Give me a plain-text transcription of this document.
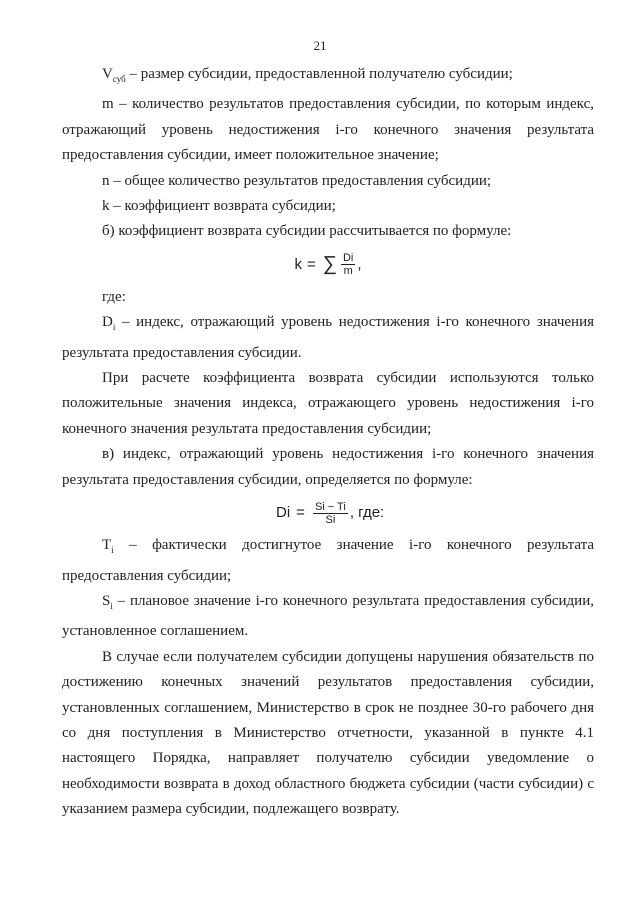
21

$V_{суб}$ – размер субсидии, предоставленной получателю субсидии;

m – количество результатов предоставления субсидии, по которым индекс, отражающий уровень недостижения i-го конечного значения результата предоставления субсидии, имеет положительное значение;

n – общее количество результатов предоставления субсидии;

k – коэффициент возврата субсидии;

б) коэффициент возврата субсидии рассчитывается по формуле:

k = ∑ $\frac{Di}{m}$ ,

где:

$D_i$ – индекс, отражающий уровень недостижения i-го конечного значения результата предоставления субсидии.

При расчете коэффициента возврата субсидии используются только положительные значения индекса, отражающего уровень недостижения i-го конечного значения результата предоставления субсидии;

в) индекс, отражающий уровень недостижения i-го конечного значения результата предоставления субсидии, определяется по формуле:

$Di = \frac{Si - Ti}{Si}$ , где:

$T_i$ – фактически достигнутое значение i-го конечного результата предоставления субсидии;

$S_i$ – плановое значение i-го конечного результата предоставления субсидии, установленное соглашением.

В случае если получателем субсидии допущены нарушения обязательств по достижению конечных значений результатов предоставления субсидии, установленных соглашением, Министерство в срок не позднее 30-го рабочего дня со дня поступления в Министерство отчетности, указанной в пункте 4.1 настоящего Порядка, направляет получателю субсидии уведомление о необходимости возврата в доход областного бюджета субсидии (части субсидии) с указанием размера субсидии, подлежащего возврату.
